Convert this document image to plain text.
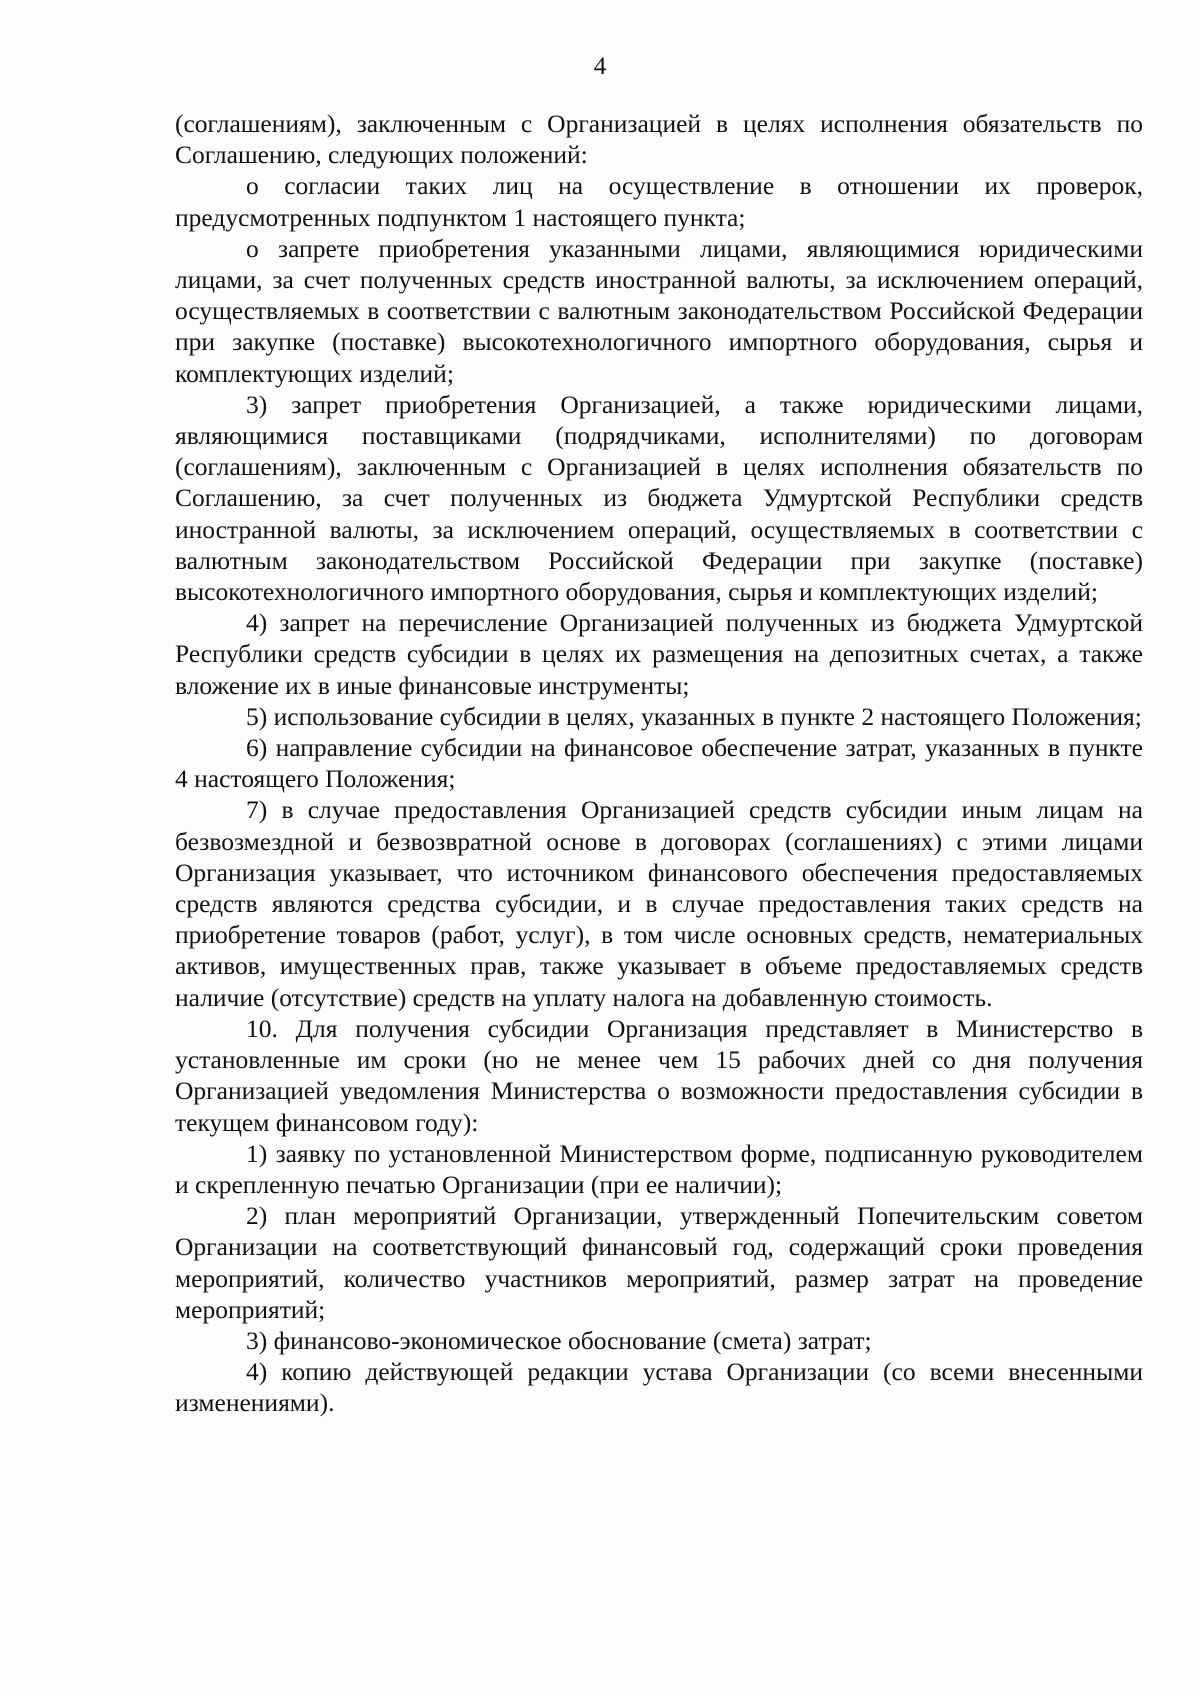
4

(соглашениям), заключенным с Организацией в целях исполнения обязательств по Соглашению, следующих положений:

о согласии таких лиц на осуществление в отношении их проверок, предусмотренных подпунктом 1 настоящего пункта;

о запрете приобретения указанными лицами, являющимися юридическими лицами, за счет полученных средств иностранной валюты, за исключением операций, осуществляемых в соответствии с валютным законодательством Российской Федерации при закупке (поставке) высокотехнологичного импортного оборудования, сырья и комплектующих изделий;

3) запрет приобретения Организацией, а также юридическими лицами, являющимися поставщиками (подрядчиками, исполнителями) по договорам (соглашениям), заключенным с Организацией в целях исполнения обязательств по Соглашению, за счет полученных из бюджета Удмуртской Республики средств иностранной валюты, за исключением операций, осуществляемых в соответствии с валютным законодательством Российской Федерации при закупке (поставке) высокотехнологичного импортного оборудования, сырья и комплектующих изделий;

4) запрет на перечисление Организацией полученных из бюджета Удмуртской Республики средств субсидии в целях их размещения на депозитных счетах, а также вложение их в иные финансовые инструменты;

5) использование субсидии в целях, указанных в пункте 2 настоящего Положения;

6) направление субсидии на финансовое обеспечение затрат, указанных в пункте 4 настоящего Положения;

7) в случае предоставления Организацией средств субсидии иным лицам на безвозмездной и безвозвратной основе в договорах (соглашениях) с этими лицами Организация указывает, что источником финансового обеспечения предоставляемых средств являются средства субсидии, и в случае предоставления таких средств на приобретение товаров (работ, услуг), в том числе основных средств, нематериальных активов, имущественных прав, также указывает в объеме предоставляемых средств наличие (отсутствие) средств на уплату налога на добавленную стоимость.

10. Для получения субсидии Организация представляет в Министерство в установленные им сроки (но не менее чем 15 рабочих дней со дня получения Организацией уведомления Министерства о возможности предоставления субсидии в текущем финансовом году):

1) заявку по установленной Министерством форме, подписанную руководителем и скрепленную печатью Организации (при ее наличии);

2) план мероприятий Организации, утвержденный Попечительским советом Организации на соответствующий финансовый год, содержащий сроки проведения мероприятий, количество участников мероприятий, размер затрат на проведение мероприятий;

3) финансово-экономическое обоснование (смета) затрат;

4) копию действующей редакции устава Организации (со всеми внесенными изменениями).
